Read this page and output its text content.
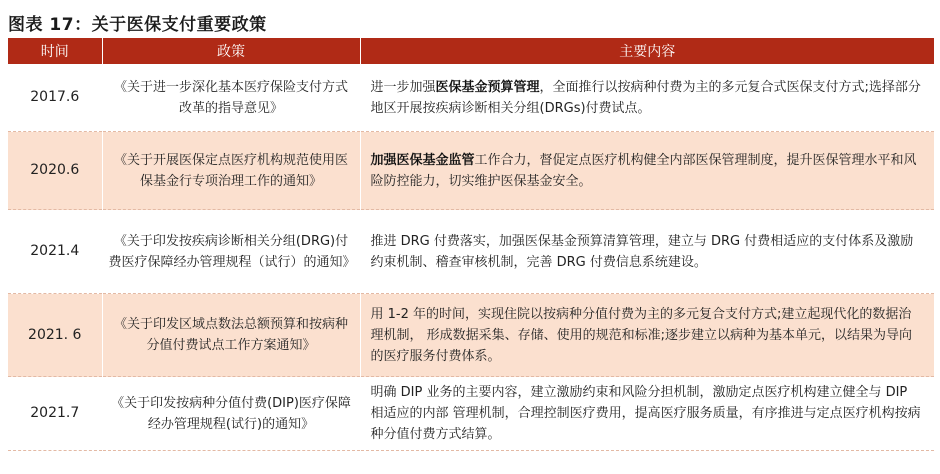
图表 17：关于医保支付重要政策
时间	政策	主要内容
2017.6	《关于进一步深化基本医疗保险支付方式改革的指导意见》	进一步加强医保基金预算管理，全面推行以按病种付费为主的多元复合式医保支付方式;选择部分地区开展按疾病诊断相关分组(DRGs)付费试点。
2020.6	《关于开展医保定点医疗机构规范使用医保基金行专项治理工作的通知》	加强医保基金监管工作合力，督促定点医疗机构健全内部医保管理制度，提升医保管理水平和风险防控能力，切实维护医保基金安全。
2021.4	《关于印发按疾病诊断相关分组(DRG)付费医疗保障经办管理规程（试行）的通知》	推进 DRG 付费落实，加强医保基金预算清算管理，建立与 DRG 付费相适应的支付体系及激励约束机制、稽查审核机制，完善 DRG 付费信息系统建设。
2021. 6	《关于印发区域点数法总额预算和按病种分值付费试点工作方案通知》	用 1-2 年的时间，实现住院以按病种分值付费为主的多元复合支付方式;建立起现代化的数据治理机制， 形成数据采集、存储、使用的规范和标准;逐步建立以病种为基本单元，以结果为导向的医疗服务付费体系。
2021.7	《关于印发按病种分值付费(DIP)医疗保障经办管理规程(试行)的通知》	明确 DIP 业务的主要内容，建立激励约束和风险分担机制，激励定点医疗机构建立健全与 DIP 相适应的内部 管理机制，合理控制医疗费用，提高医疗服务质量，有序推进与定点医疗机构按病种分值付费方式结算。
